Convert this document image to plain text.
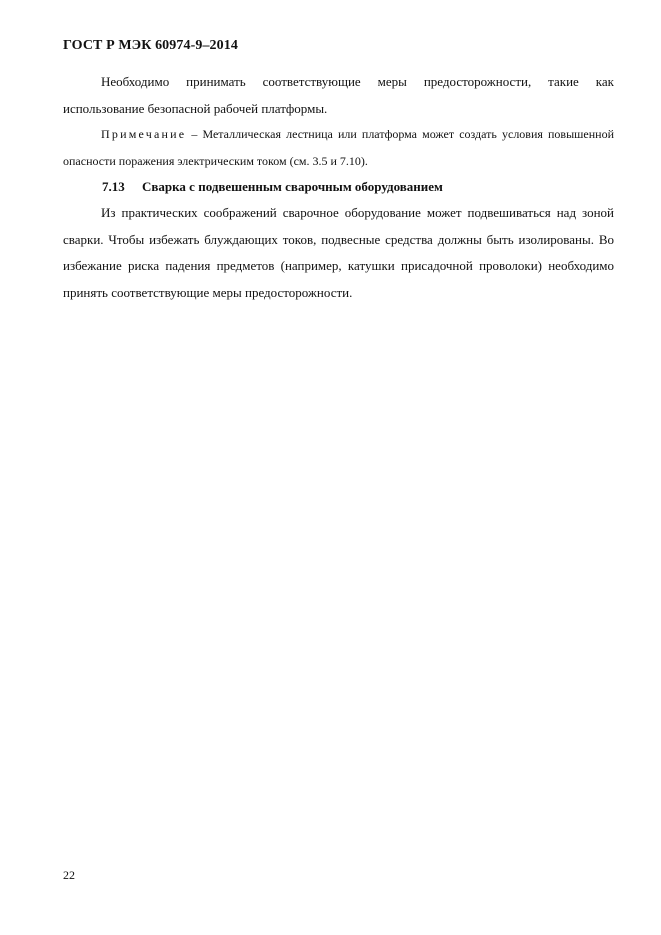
ГОСТ Р МЭК 60974-9–2014

Необходимо принимать соответствующие меры предосторожности, такие как использование безопасной рабочей платформы.

Примечание – Металлическая лестница или платформа может создать условия повышенной опасности поражения электрическим током (см. 3.5 и 7.10).

7.13 Сварка с подвешенным сварочным оборудованием

Из практических соображений сварочное оборудование может подвешиваться над зоной сварки. Чтобы избежать блуждающих токов, подвесные средства должны быть изолированы. Во избежание риска падения предметов (например, катушки присадочной проволоки) необходимо принять соответствующие меры предосторожности.

22
